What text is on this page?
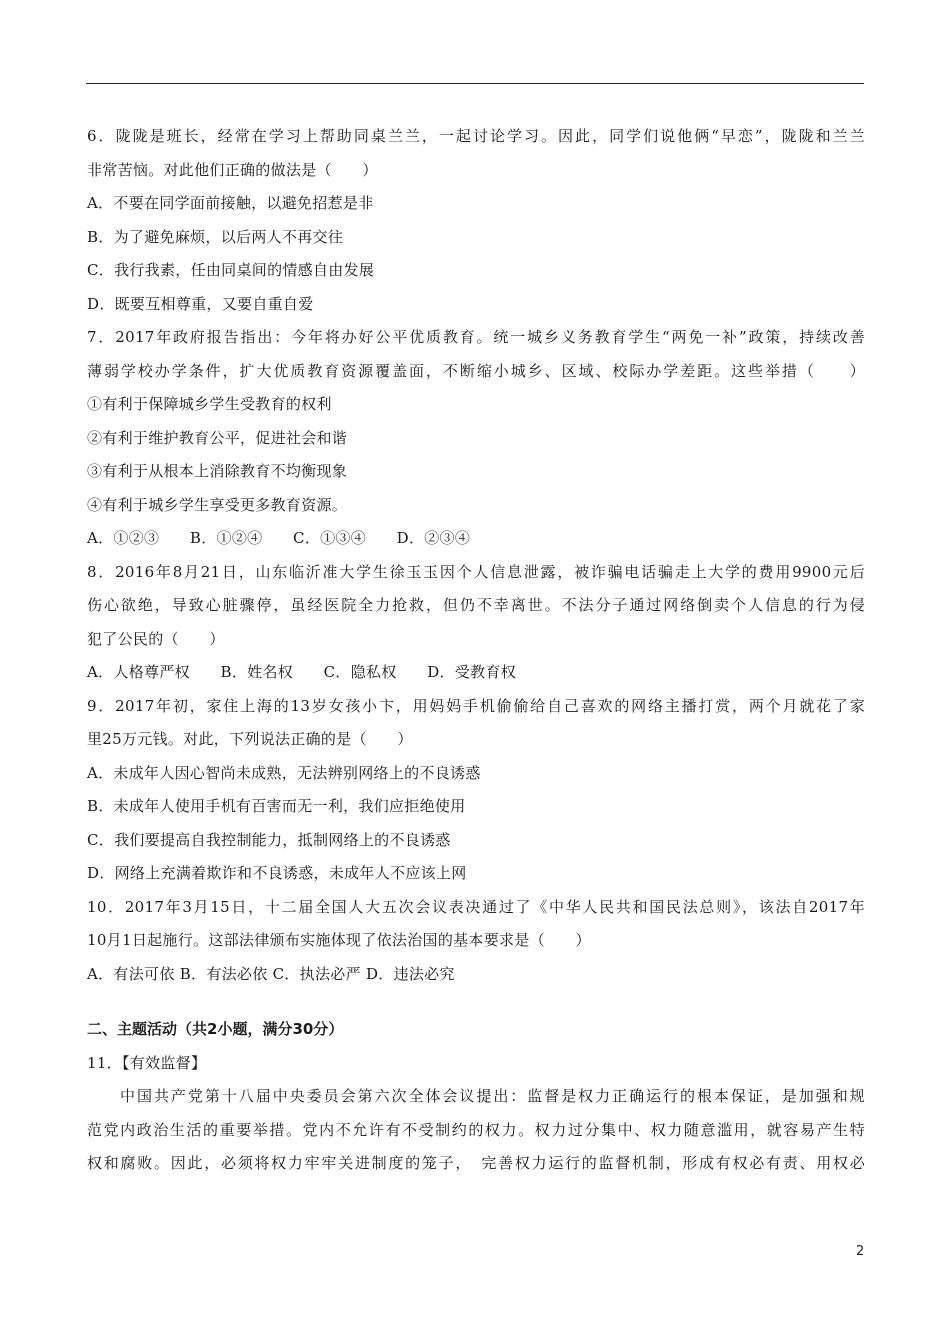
6．陇陇是班长，经常在学习上帮助同桌兰兰，一起讨论学习。因此，同学们说他俩“早恋”，陇陇和兰兰
非常苦恼。对此他们正确的做法是（　　）
A．不要在同学面前接触，以避免招惹是非
B．为了避免麻烦，以后两人不再交往
C．我行我素，任由同桌间的情感自由发展
D．既要互相尊重，又要自重自爱
7．2017年政府报告指出：今年将办好公平优质教育。统一城乡义务教育学生“两免一补”政策，持续改善
薄弱学校办学条件，扩大优质教育资源覆盖面，不断缩小城乡、区域、校际办学差距。这些举措（　　）
①有利于保障城乡学生受教育的权利
②有利于维护教育公平，促进社会和谐
③有利于从根本上消除教育不均衡现象
④有利于城乡学生享受更多教育资源。
A．①②③　　B．①②④　　C．①③④　　D．②③④
8．2016年8月21日，山东临沂准大学生徐玉玉因个人信息泄露，被诈骗电话骗走上大学的费用9900元后
伤心欲绝，导致心脏骤停，虽经医院全力抢救，但仍不幸离世。不法分子通过网络倒卖个人信息的行为侵
犯了公民的（　　）
A．人格尊严权　　B．姓名权　　C．隐私权　　D．受教育权
9．2017年初，家住上海的13岁女孩小卞，用妈妈手机偷偷给自己喜欢的网络主播打赏，两个月就花了家
里25万元钱。对此，下列说法正确的是（　　）
A．未成年人因心智尚未成熟，无法辨别网络上的不良诱惑
B．未成年人使用手机有百害而无一利，我们应拒绝使用
C．我们要提高自我控制能力，抵制网络上的不良诱惑
D．网络上充满着欺诈和不良诱惑，未成年人不应该上网
10．2017年3月15日，十二届全国人大五次会议表决通过了《中华人民共和国民法总则》，该法自2017年
10月1日起施行。这部法律颁布实施体现了依法治国的基本要求是（　　）
A．有法可依 B．有法必依 C．执法必严 D．违法必究
二、主题活动（共2小题，满分30分）
11．【有效监督】
中国共产党第十八届中央委员会第六次全体会议提出：监督是权力正确运行的根本保证，是加强和规
范党内政治生活的重要举措。党内不允许有不受制约的权力。权力过分集中、权力随意滥用，就容易产生特
权和腐败。因此，必须将权力牢牢关进制度的笼子，　完善权力运行的监督机制，形成有权必有责、用权必
2
